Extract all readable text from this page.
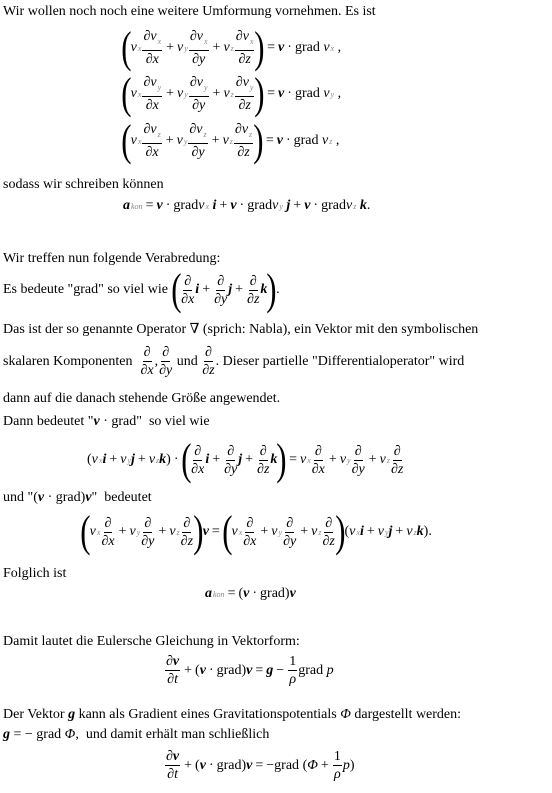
Wir wollen noch noch eine weitere Umformung vornehmen. Es ist
( v x $\frac{\partial v_x}{\partial x} + v$ y $\frac{\partial v_x}{\partial y} + v$ z $\frac{\partial v_x}{\partial z}$ ) = v · grad
v x ,
( v x $\frac{\partial v_y}{\partial x} + v$ y $\frac{\partial v_y}{\partial y} + v$ z $\frac{\partial v_y}{\partial z}$ ) = v · grad
v y ,
( v x $\frac{\partial v_z}{\partial x} + v$ y $\frac{\partial v_z}{\partial y} + v$ z $\frac{\partial v_z}{\partial z}$ ) = v · grad
v z ,
sodass wir schreiben können
a kon = v · grad v x
i + v · grad v y
j + v · grad v z
k .
Wir treffen nun folgende Verabredung:
Es bedeute "grad" so viel wie
( $\frac{\partial}{\partial x}$ $i + \frac{\partial}{\partial y}$ $j + \frac{\partial}{\partial z}$ k ) .
Das ist der so genannte Operator ∇ (sprich: Nabla), ein Vektor mit den symbolischen
skalaren Komponenten
$\frac{\partial}{\partial x}$ , $\frac{\partial}{\partial y}$
und
$\frac{\partial}{\partial z}$ . Dieser partielle "Differentialoperator" wird
dann auf die danach stehende Größe angewendet.
Dann bedeutet "v · grad"  so viel wie
( v x i + v y j + v z k ) · ( $\frac{\partial}{\partial x}$ $i + \frac{\partial}{\partial y}$ $j + \frac{\partial}{\partial z}$ k ) = v x $\frac{\partial}{\partial x} + v$ y $\frac{\partial}{\partial y} + v$ z $\frac{\partial}{\partial z}$
und "(v · grad)v"  bedeutet
( v x $\frac{\partial}{\partial x} + v$ y $\frac{\partial}{\partial y} + v$ z $\frac{\partial}{\partial z}$ ) v = ( v x $\frac{\partial}{\partial x} + v$ y $\frac{\partial}{\partial y} + v$ z $\frac{\partial}{\partial z}$ ) ( v x i + v y j + v z k ).
Folglich ist
a kon = ( v · grad) v
Damit lautet die Eulersche Gleichung in Vektorform:
$\frac{\partial v}{\partial t}$ + ( v · grad) $v = g - \frac{1}{\rho}$ grad
p
Der Vektor g kann als Gradient eines Gravitationspotentials Φ dargestellt werden:
g = − grad Φ,  und damit erhält man schließlich
$\frac{\partial v}{\partial t}$ + ( v · grad) v = −grad
( $\Phi + \frac{1}{\rho}$ p )
